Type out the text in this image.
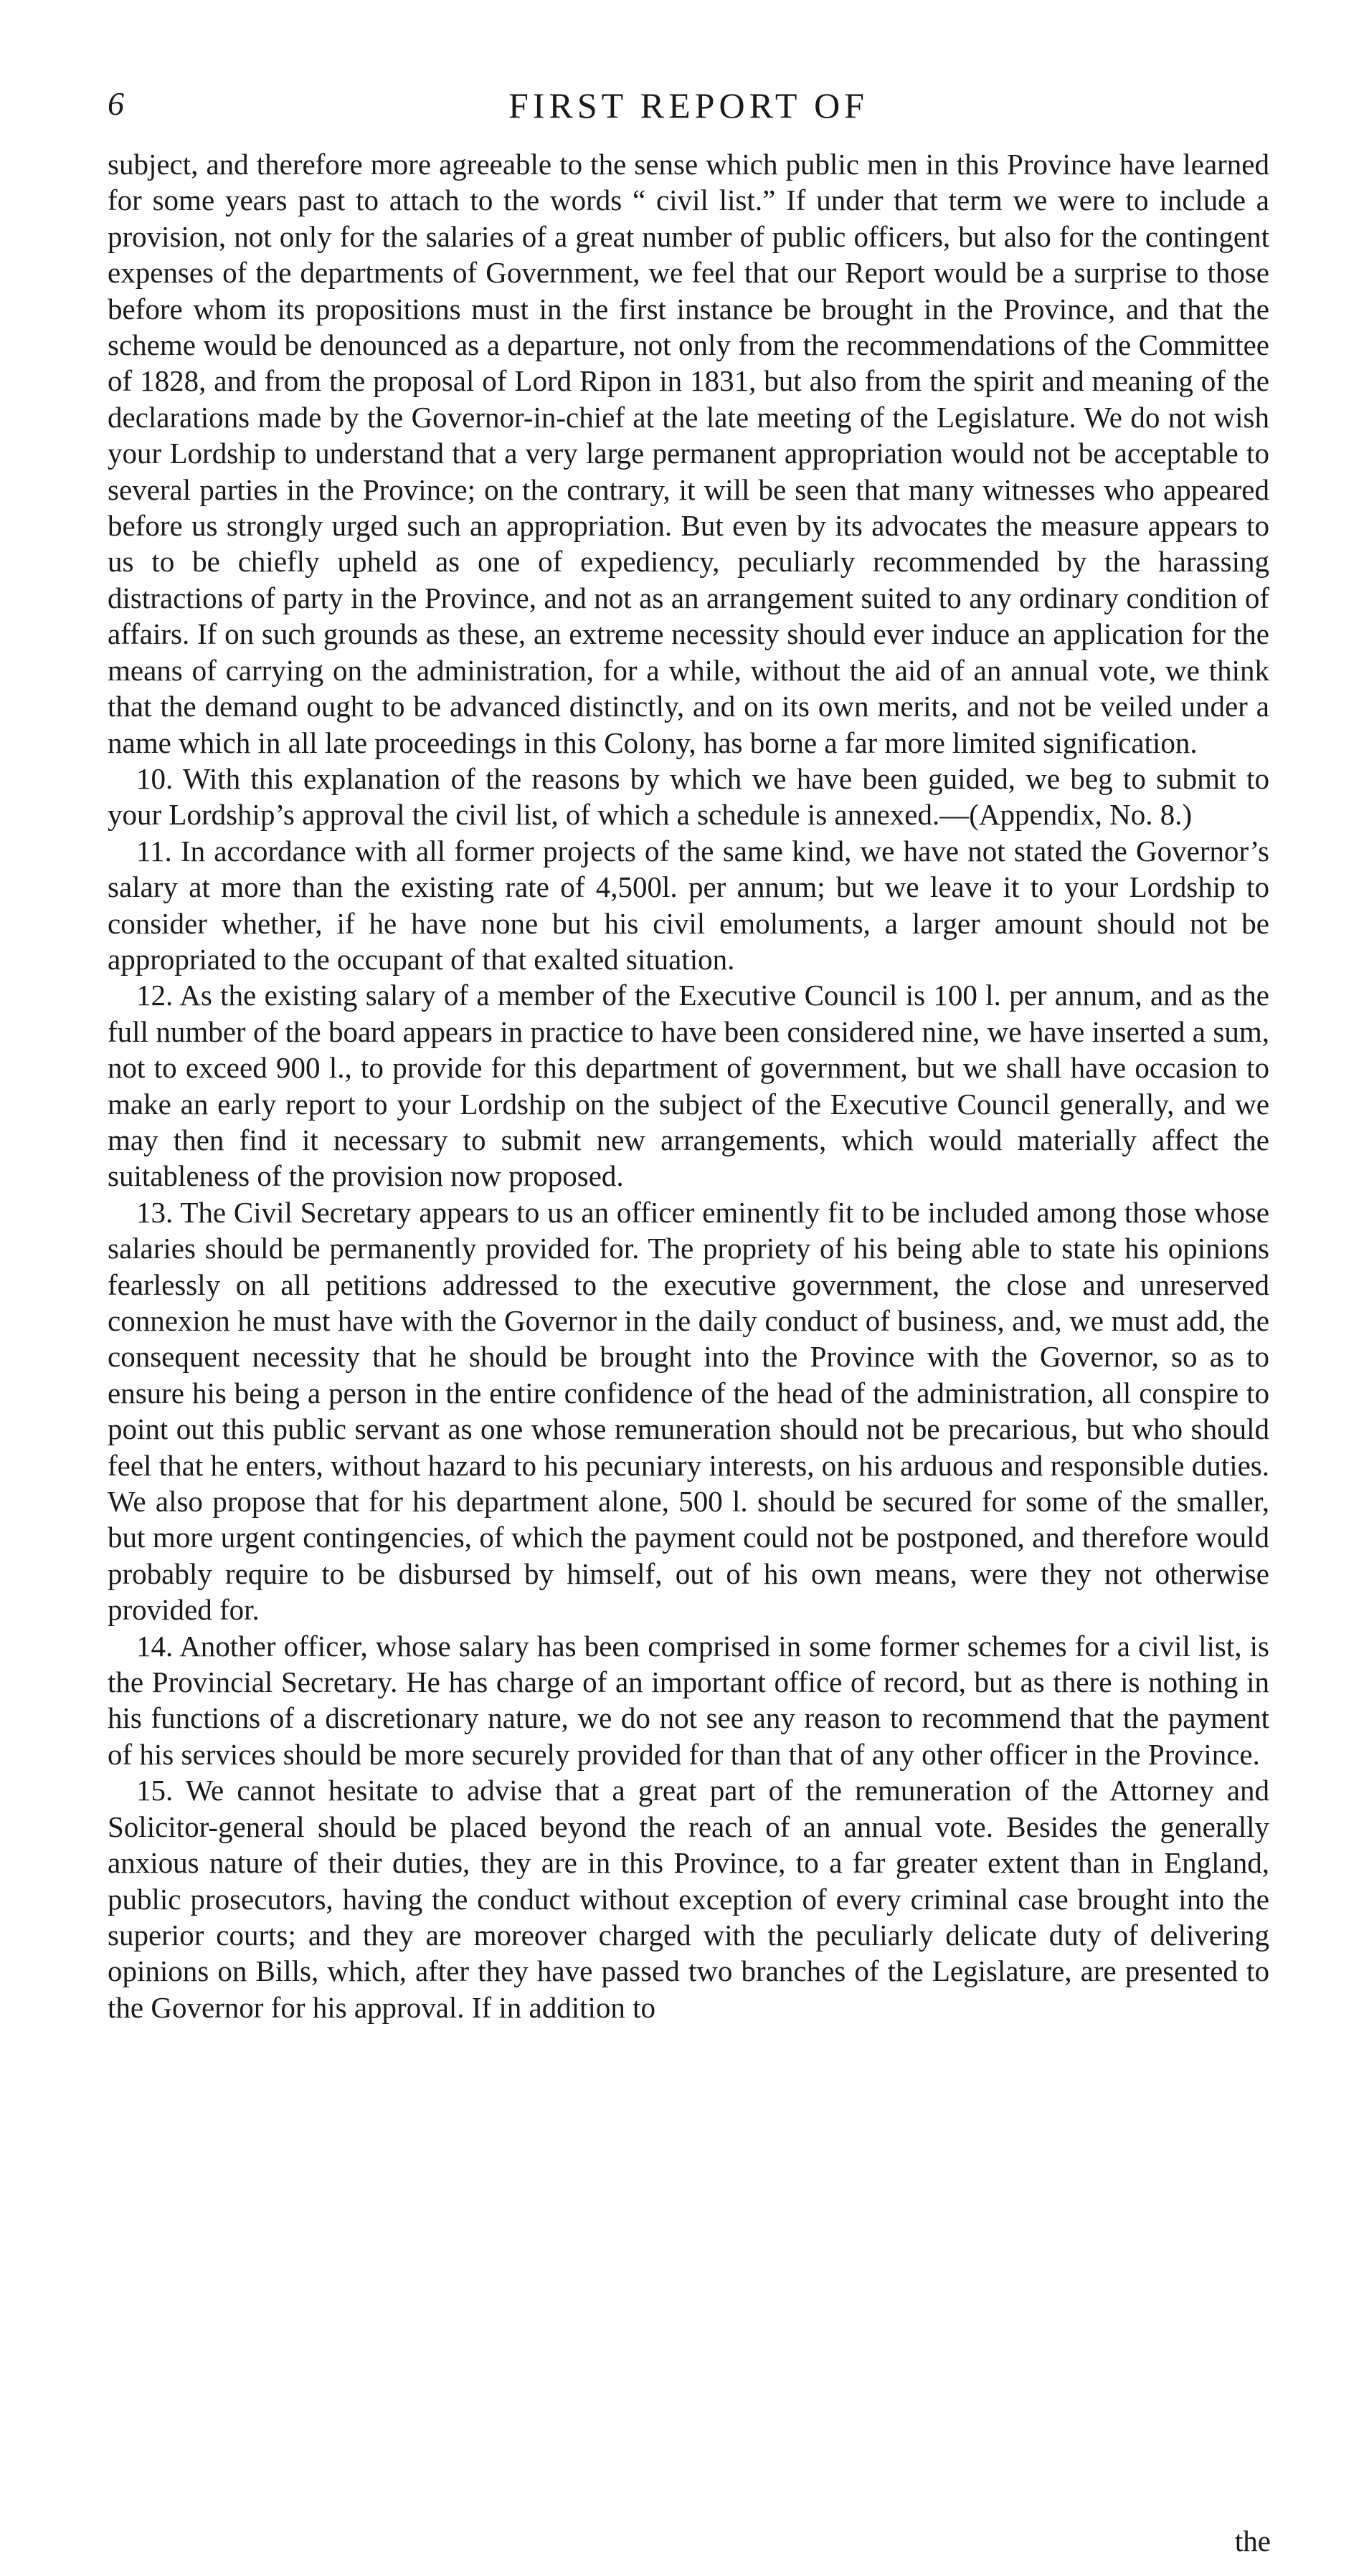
6	FIRST REPORT OF

subject, and therefore more agreeable to the sense which public men in this Province have learned for some years past to attach to the words “ civil list.” If under that term we were to include a provision, not only for the salaries of a great number of public officers, but also for the contingent expenses of the departments of Government, we feel that our Report would be a surprise to those before whom its propositions must in the first instance be brought in the Province, and that the scheme would be denounced as a departure, not only from the recommendations of the Committee of 1828, and from the proposal of Lord Ripon in 1831, but also from the spirit and meaning of the declarations made by the Governor-in-chief at the late meeting of the Legislature. We do not wish your Lordship to understand that a very large permanent appropriation would not be acceptable to several parties in the Province; on the contrary, it will be seen that many witnesses who appeared before us strongly urged such an appropriation. But even by its advocates the measure appears to us to be chiefly upheld as one of expediency, peculiarly recommended by the harassing distractions of party in the Province, and not as an arrangement suited to any ordinary condition of affairs. If on such grounds as these, an extreme necessity should ever induce an application for the means of carrying on the administration, for a while, without the aid of an annual vote, we think that the demand ought to be advanced distinctly, and on its own merits, and not be veiled under a name which in all late proceedings in this Colony, has borne a far more limited signification.

10. With this explanation of the reasons by which we have been guided, we beg to submit to your Lordship’s approval the civil list, of which a schedule is annexed.—(Appendix, No. 8.)

11. In accordance with all former projects of the same kind, we have not stated the Governor’s salary at more than the existing rate of 4,500l. per annum; but we leave it to your Lordship to consider whether, if he have none but his civil emoluments, a larger amount should not be appropriated to the occupant of that exalted situation.

12. As the existing salary of a member of the Executive Council is 100 l. per annum, and as the full number of the board appears in practice to have been considered nine, we have inserted a sum, not to exceed 900 l., to provide for this department of government, but we shall have occasion to make an early report to your Lordship on the subject of the Executive Council generally, and we may then find it necessary to submit new arrangements, which would materially affect the suitableness of the provision now proposed.

13. The Civil Secretary appears to us an officer eminently fit to be included among those whose salaries should be permanently provided for. The propriety of his being able to state his opinions fearlessly on all petitions addressed to the executive government, the close and unreserved connexion he must have with the Governor in the daily conduct of business, and, we must add, the consequent necessity that he should be brought into the Province with the Governor, so as to ensure his being a person in the entire confidence of the head of the administration, all conspire to point out this public servant as one whose remuneration should not be precarious, but who should feel that he enters, without hazard to his pecuniary interests, on his arduous and responsible duties. We also propose that for his department alone, 500 l. should be secured for some of the smaller, but more urgent contingencies, of which the payment could not be postponed, and therefore would probably require to be disbursed by himself, out of his own means, were they not otherwise provided for.

14. Another officer, whose salary has been comprised in some former schemes for a civil list, is the Provincial Secretary. He has charge of an important office of record, but as there is nothing in his functions of a discretionary nature, we do not see any reason to recommend that the payment of his services should be more securely provided for than that of any other officer in the Province.

15. We cannot hesitate to advise that a great part of the remuneration of the Attorney and Solicitor-general should be placed beyond the reach of an annual vote. Besides the generally anxious nature of their duties, they are in this Province, to a far greater extent than in England, public prosecutors, having the conduct without exception of every criminal case brought into the superior courts; and they are moreover charged with the peculiarly delicate duty of delivering opinions on Bills, which, after they have passed two branches of the Legislature, are presented to the Governor for his approval. If in addition to

the
